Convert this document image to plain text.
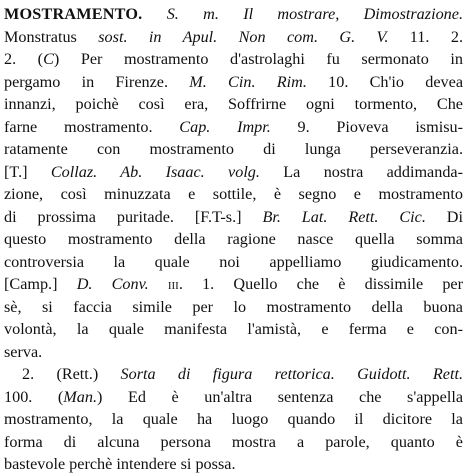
MOSTRAMENTO. S. m. Il mostrare, Dimostrazione.
Monstratus sost. in Apul. Non com. G. V. 11. 2.
2. (C) Per mostramento d'astrolaghi fu sermonato in
pergamo in Firenze. M. Cin. Rim. 10. Ch'io devea
innanzi, poichè così era, Soffrirne ogni tormento, Che
farne mostramento. Cap. Impr. 9. Pioveva ismisu-
ratamente con mostramento di lunga perseveranzia.
[T.] Collaz. Ab. Isaac. volg. La nostra addimanda-
zione, così minuzzata e sottile, è segno e mostramento
di prossima puritade. [F.T-s.] Br. Lat. Rett. Cic. Di
questo mostramento della ragione nasce quella somma
controversia la quale noi appelliamo giudicamento.
[Camp.] D. Conv. iii. 1. Quello che è dissimile per
sè, si faccia simile per lo mostramento della buona
volontà, la quale manifesta l'amistà, e ferma e con-
serva.
2. (Rett.) Sorta di figura rettorica. Guidott. Rett.
100. (Man.) Ed è un'altra sentenza che s'appella
mostramento, la quale ha luogo quando il dicitore la
forma di alcuna persona mostra a parole, quanto è
bastevole perchè intendere si possa.
